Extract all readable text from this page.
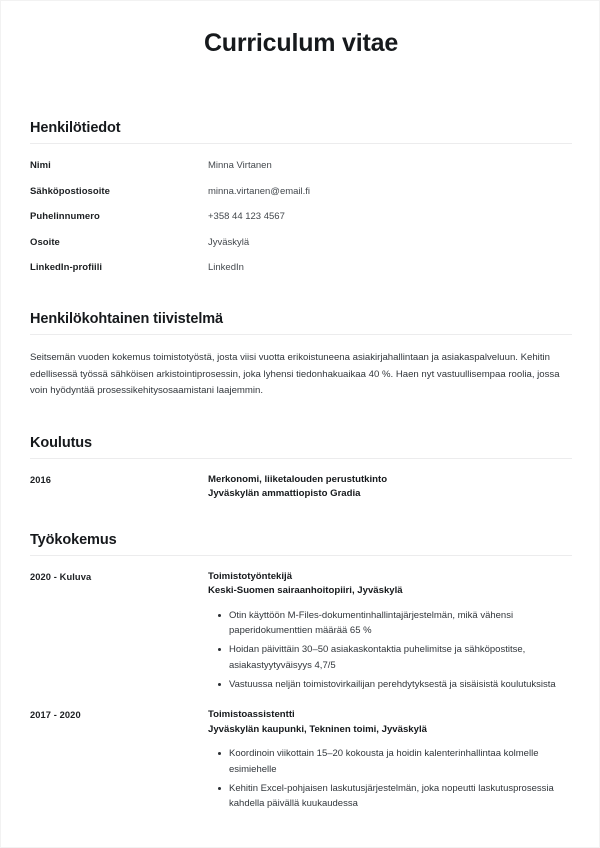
Curriculum vitae
Henkilötiedot
Nimi	Minna Virtanen
Sähköpostiosoite	minna.virtanen@email.fi
Puhelinnumero	+358 44 123 4567
Osoite	Jyväskylä
LinkedIn-profiili	LinkedIn
Henkilökohtainen tiivistelmä

Seitsemän vuoden kokemus toimistotyöstä, josta viisi vuotta erikoistuneena asiakirjahallintaan ja asiakaspalveluun. Kehitin edellisessä työssä sähköisen arkistointiprosessin, joka lyhensi tiedonhakuaikaa 40 %. Haen nyt vastuullisempaa roolia, jossa voin hyödyntää prosessikehitysosaamistani laajemmin.

Koulutus
2016	Merkonomi, liiketalouden perustutkinto
Jyväskylän ammattiopisto Gradia
Työkokemus
2020 - Kuluva	Toimistotyöntekijä
Keski-Suomen sairaanhoitopiiri, Jyväskylä
Otin käyttöön M-Files-dokumentinhallintajärjestelmän, mikä vähensi paperidokumenttien määrää 65 %
Hoidan päivittäin 30–50 asiakaskontaktia puhelimitse ja sähköpostitse, asiakastyytyväisyys 4,7/5
Vastuussa neljän toimistovirkailijan perehdytyksestä ja sisäisistä koulutuksista
2017 - 2020	Toimistoassistentti
Jyväskylän kaupunki, Tekninen toimi, Jyväskylä
Koordinoin viikottain 15–20 kokousta ja hoidin kalenterinhallintaa kolmelle esimiehelle
Kehitin Excel-pohjaisen laskutusjärjestelmän, joka nopeutti laskutusprosessia kahdella päivällä kuukaudessa
